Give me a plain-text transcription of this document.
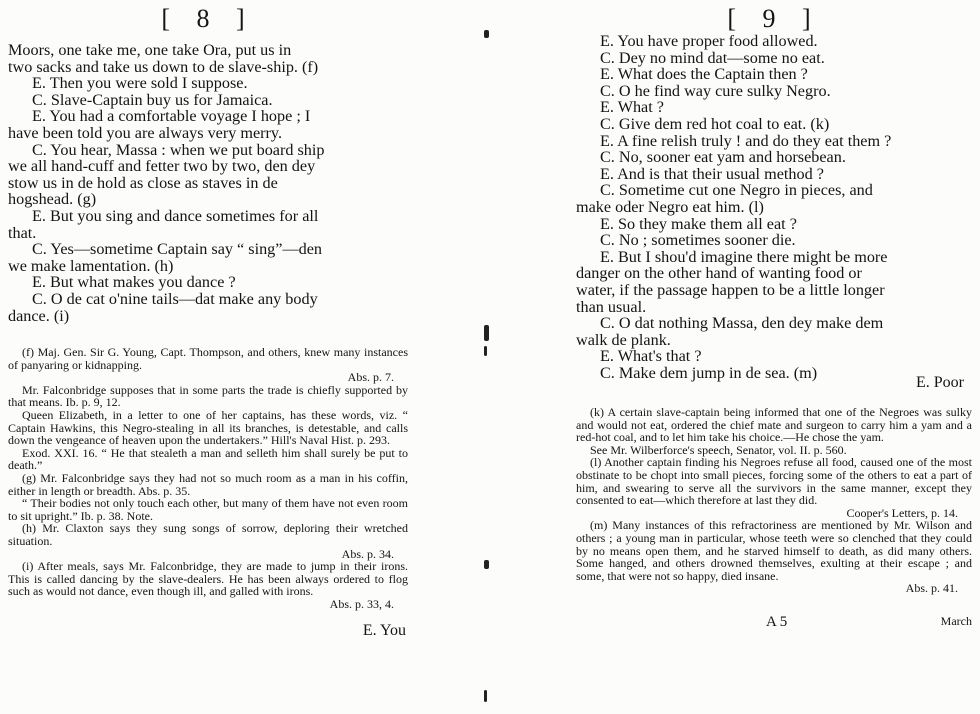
[ 8 ]

Moors, one take me, one take Ora, put us in

two sacks and take us down to de slave-ship. (f)

E. Then you were sold I suppose.

C. Slave-Captain buy us for Jamaica.

E. You had a comfortable voyage I hope ; I

have been told you are always very merry.

C. You hear, Massa : when we put board ship

we all hand-cuff and fetter two by two, den dey

stow us in de hold as close as staves in de

hogshead. (g)

E. But you sing and dance sometimes for all

that.

C. Yes—sometime Captain say “ sing”—den

we make lamentation. (h)

E. But what makes you dance ?

C. O de cat o'nine tails—dat make any body

dance. (i)

(f) Maj. Gen. Sir G. Young, Capt. Thompson, and others, knew many instances of panyaring or kidnapping.

Abs. p. 7.

Mr. Falconbridge supposes that in some parts the trade is chiefly supported by that means. Ib. p. 9, 12.

Queen Elizabeth, in a letter to one of her captains, has these words, viz. “ Captain Hawkins, this Negro-stealing in all its branches, is detestable, and calls down the vengeance of heaven upon the undertakers.” Hill's Naval Hist. p. 293.

Exod. XXI. 16. “ He that stealeth a man and selleth him shall surely be put to death.”

(g) Mr. Falconbridge says they had not so much room as a man in his coffin, either in length or breadth. Abs. p. 35.

“ Their bodies not only touch each other, but many of them have not even room to sit upright.” Ib. p. 38. Note.

(h) Mr. Claxton says they sung songs of sorrow, deploring their wretched situation.

Abs. p. 34.

(i) After meals, says Mr. Falconbridge, they are made to jump in their irons. This is called dancing by the slave-dealers. He has been always ordered to flog such as would not dance, even though ill, and galled with irons.

Abs. p. 33, 4.

E. You
[ 9 ]

E. You have proper food allowed.

C. Dey no mind dat—some no eat.

E. What does the Captain then ?

C. O he find way cure sulky Negro.

E. What ?

C. Give dem red hot coal to eat. (k)

E. A fine relish truly ! and do they eat them ?

C. No, sooner eat yam and horsebean.

E. And is that their usual method ?

C. Sometime cut one Negro in pieces, and

make oder Negro eat him. (l)

E. So they make them all eat ?

C. No ; sometimes sooner die.

E. But I shou'd imagine there might be more

danger on the other hand of wanting food or

water, if the passage happen to be a little longer

than usual.

C. O dat nothing Massa, den dey make dem

walk de plank.

E. What's that ?

C. Make dem jump in de sea. (m)

(k) A certain slave-captain being informed that one of the Negroes was sulky and would not eat, ordered the chief mate and surgeon to carry him a yam and a red-hot coal, and to let him take his choice.—He chose the yam.

See Mr. Wilberforce's speech, Senator, vol. II. p. 560.

(l) Another captain finding his Negroes refuse all food, caused one of the most obstinate to be chopt into small pieces, forcing some of the others to eat a part of him, and swearing to serve all the survivors in the same manner, except they consented to eat—which therefore at last they did.

Cooper's Letters, p. 14.

(m) Many instances of this refractoriness are mentioned by Mr. Wilson and others ; a young man in particular, whose teeth were so clenched that they could by no means open them, and he starved himself to death, as did many others. Some hanged, and others drowned themselves, exulting at their escape ; and some, that were not so happy, died insane.

Abs. p. 41.

A 5	March
E. Poor
